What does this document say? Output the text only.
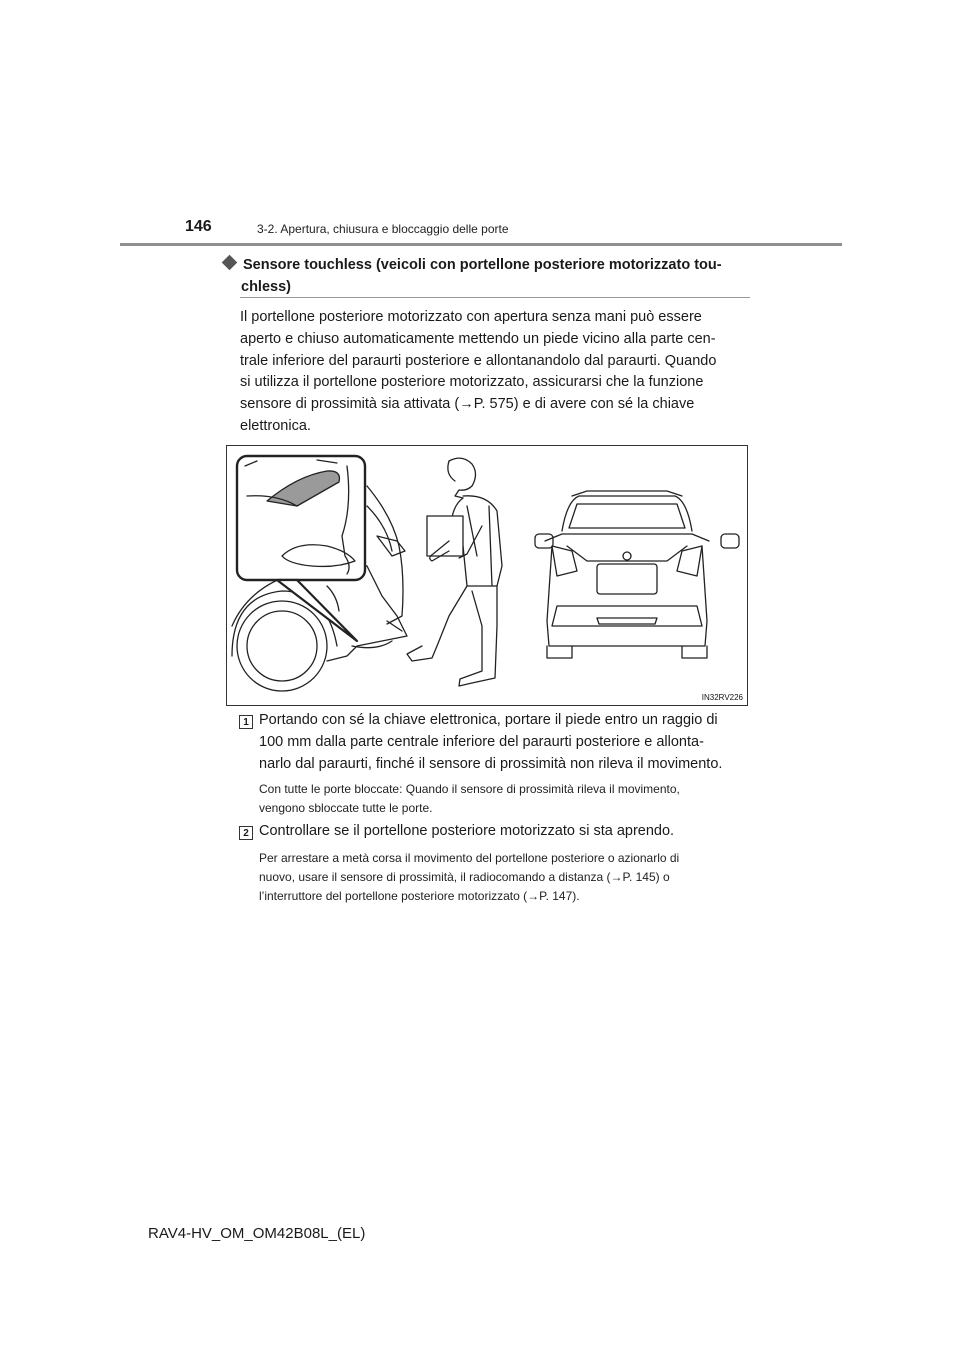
146	3-2. Apertura, chiusura e bloccaggio delle porte
Sensore touchless (veicoli con portellone posteriore motorizzato tou-
chless)
Il portellone posteriore motorizzato con apertura senza mani può essere
aperto e chiuso automaticamente mettendo un piede vicino alla parte cen-
trale inferiore del paraurti posteriore e allontanandolo dal paraurti. Quando
si utilizza il portellone posteriore motorizzato, assicurarsi che la funzione
sensore di prossimità sia attivata (→P. 575) e di avere con sé la chiave
elettronica.
IN32RV226
1 Portando con sé la chiave elettronica, portare il piede entro un raggio di
100 mm dalla parte centrale inferiore del paraurti posteriore e allonta-
narlo dal paraurti, finché il sensore di prossimità non rileva il movimento.
Con tutte le porte bloccate: Quando il sensore di prossimità rileva il movimento,
vengono sbloccate tutte le porte.
2 Controllare se il portellone posteriore motorizzato si sta aprendo.
Per arrestare a metà corsa il movimento del portellone posteriore o azionarlo di
nuovo, usare il sensore di prossimità, il radiocomando a distanza (→P. 145) o
l’interruttore del portellone posteriore motorizzato (→P. 147).
RAV4-HV_OM_OM42B08L_(EL)
